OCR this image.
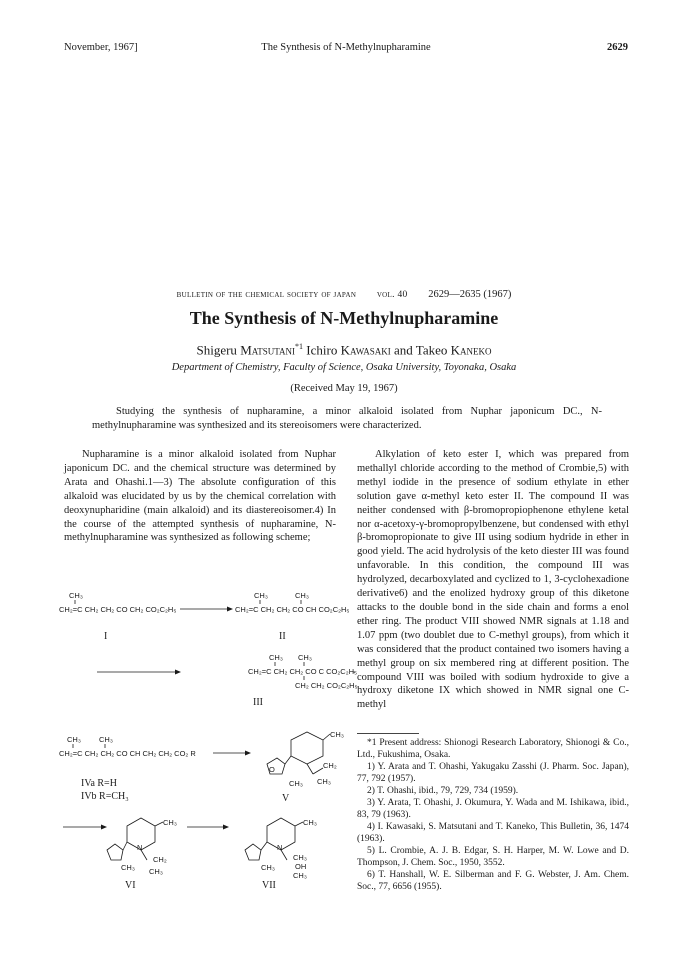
November, 1967]	The Synthesis of N-Methylnupharamine	2629
bulletin of the chemical society of japan vol. 40 2629—2635 (1967)
The Synthesis of N-Methylnupharamine
Shigeru Matsutani$^{*1}$ Ichiro Kawasaki and Takeo Kaneko
Department of Chemistry, Faculty of Science, Osaka University, Toyonaka, Osaka
(Received May 19, 1967)
Studying the synthesis of nupharamine, a minor alkaloid isolated from Nuphar japonicum DC., N-methylnupharamine was synthesized and its stereoisomers were characterized.

Nupharamine is a minor alkaloid isolated from Nuphar japonicum DC. and the chemical structure was determined by Arata and Ohashi.1—3) The absolute configuration of this alkaloid was elucidated by us by the chemical correlation with deoxynupharidine (main alkaloid) and its diastereoisomer.4) In the course of the attempted synthesis of nupharamine, N-methylnupharamine was synthesized as following scheme;

CH₃
CH₂=C CH₂ CH₂ CO CH₂ CO₂C₂H₅
CH₃	CH₃
CH₂=C CH₂ CH₂ CO CH CO₂C₂H₅
I	II
CH₃ CH₃
CH₂=C CH₂ CH₂ CO C CO₂C₂H₅
CH₂ CH₂ CO₂C₂H₅
III
CH₃ CH₃
CH₂=C CH₂ CH₂ CO CH CH₂ CH₂ CO₂ R
IVa R=H
IVb R=CH₃
CH₃
O
CH₃
CH₂
CH₃
V
CH₃
N
CH₃
CH₂
CH₃
VI
CH₃
N
CH₃
CH₃
OH
CH₃
VII

Alkylation of keto ester I, which was prepared from methallyl chloride according to the method of Crombie,5) with methyl iodide in the presence of sodium ethylate in ether solution gave α-methyl keto ester II. The compound II was neither condensed with β-bromopropiophenone ethylene ketal nor α-acetoxy-γ-bromopropylbenzene, but condensed with ethyl β-bromopropionate to give III using sodium hydride in ether in good yield. The acid hydrolysis of the keto diester III was found unfavorable. In this condition, the compound III was hydrolyzed, decarboxylated and cyclized to 1, 3-cyclohexadione derivative6) and the enolized hydroxy group of this diketone attacks to the double bond in the side chain and forms a enol ether ring. The product VIII showed NMR signals at 1.18 and 1.07 ppm (two doublet due to C-methyl groups), from which it was considered that the product contained two isomers having a methyl group on six membered ring at different position. The compound VIII was boiled with sodium hydroxide to give a hydroxy diketone IX which showed in NMR signal one C-methyl

*1 Present address: Shionogi Research Laboratory, Shionogi & Co., Ltd., Fukushima, Osaka.

1) Y. Arata and T. Ohashi, Yakugaku Zasshi (J. Pharm. Soc. Japan), 77, 792 (1957).

2) T. Ohashi, ibid., 79, 729, 734 (1959).

3) Y. Arata, T. Ohashi, J. Okumura, Y. Wada and M. Ishikawa, ibid., 83, 79 (1963).

4) I. Kawasaki, S. Matsutani and T. Kaneko, This Bulletin, 36, 1474 (1963).

5) L. Crombie, A. J. B. Edgar, S. H. Harper, M. W. Lowe and D. Thompson, J. Chem. Soc., 1950, 3552.

6) T. Hanshall, W. E. Silberman and F. G. Webster, J. Am. Chem. Soc., 77, 6656 (1955).
